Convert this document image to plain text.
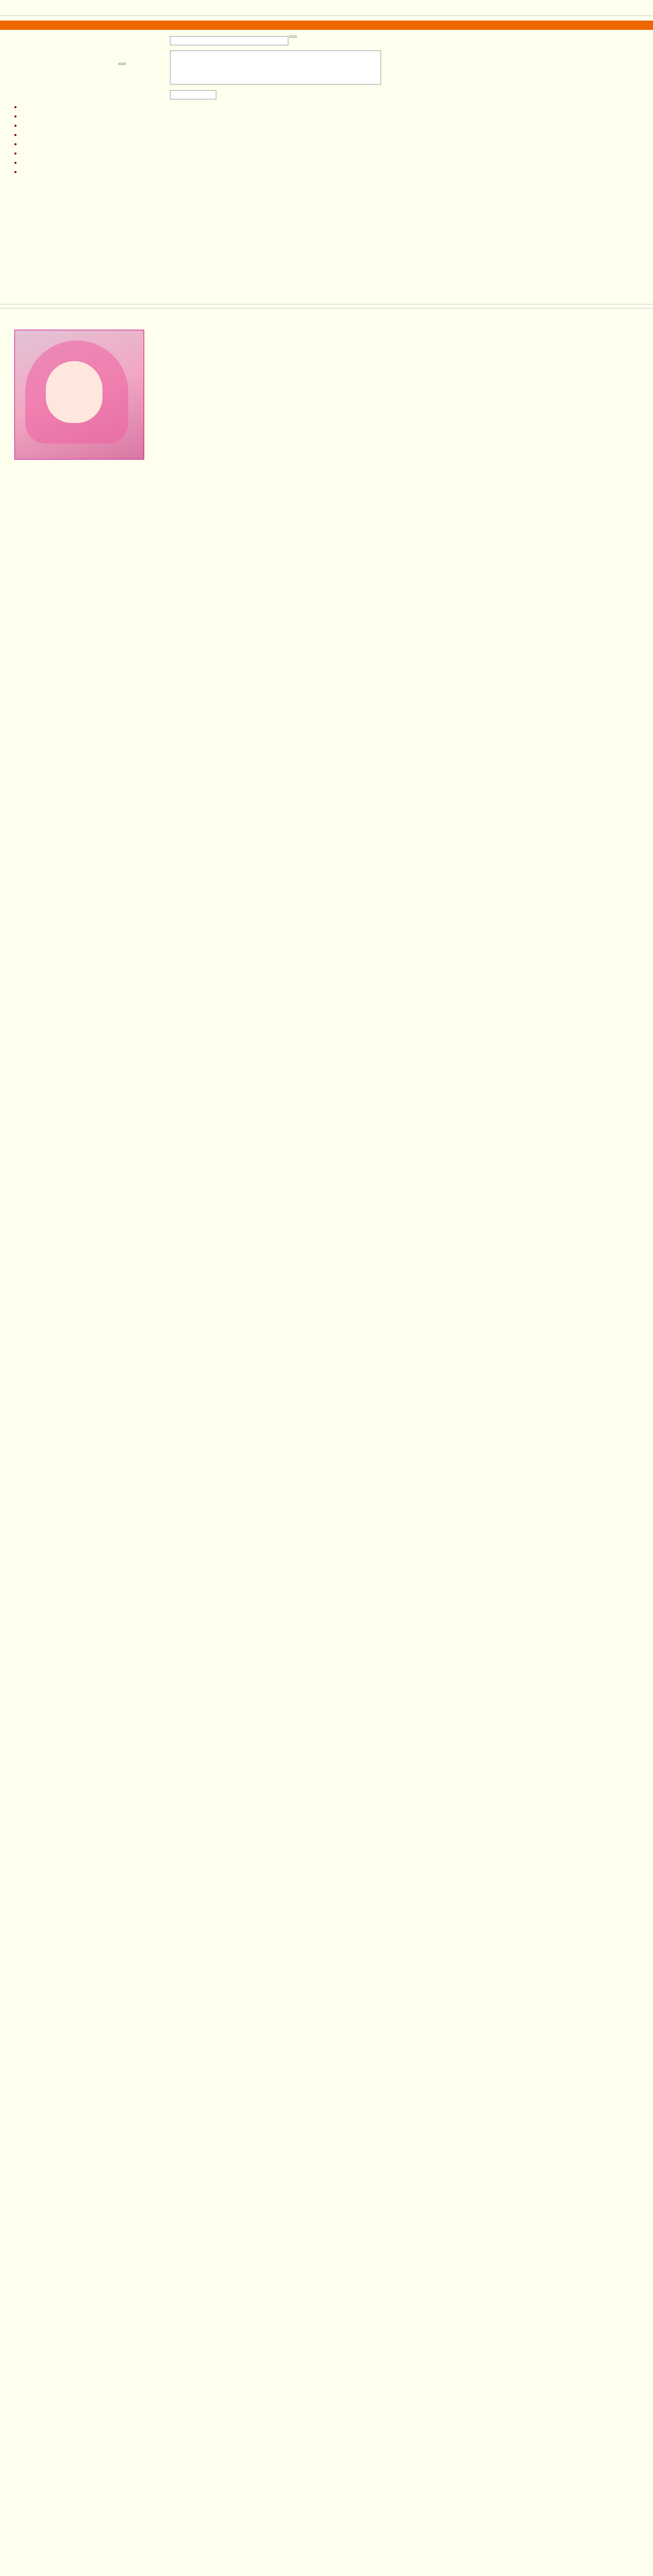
•
•
•
•
•
•
•
•
